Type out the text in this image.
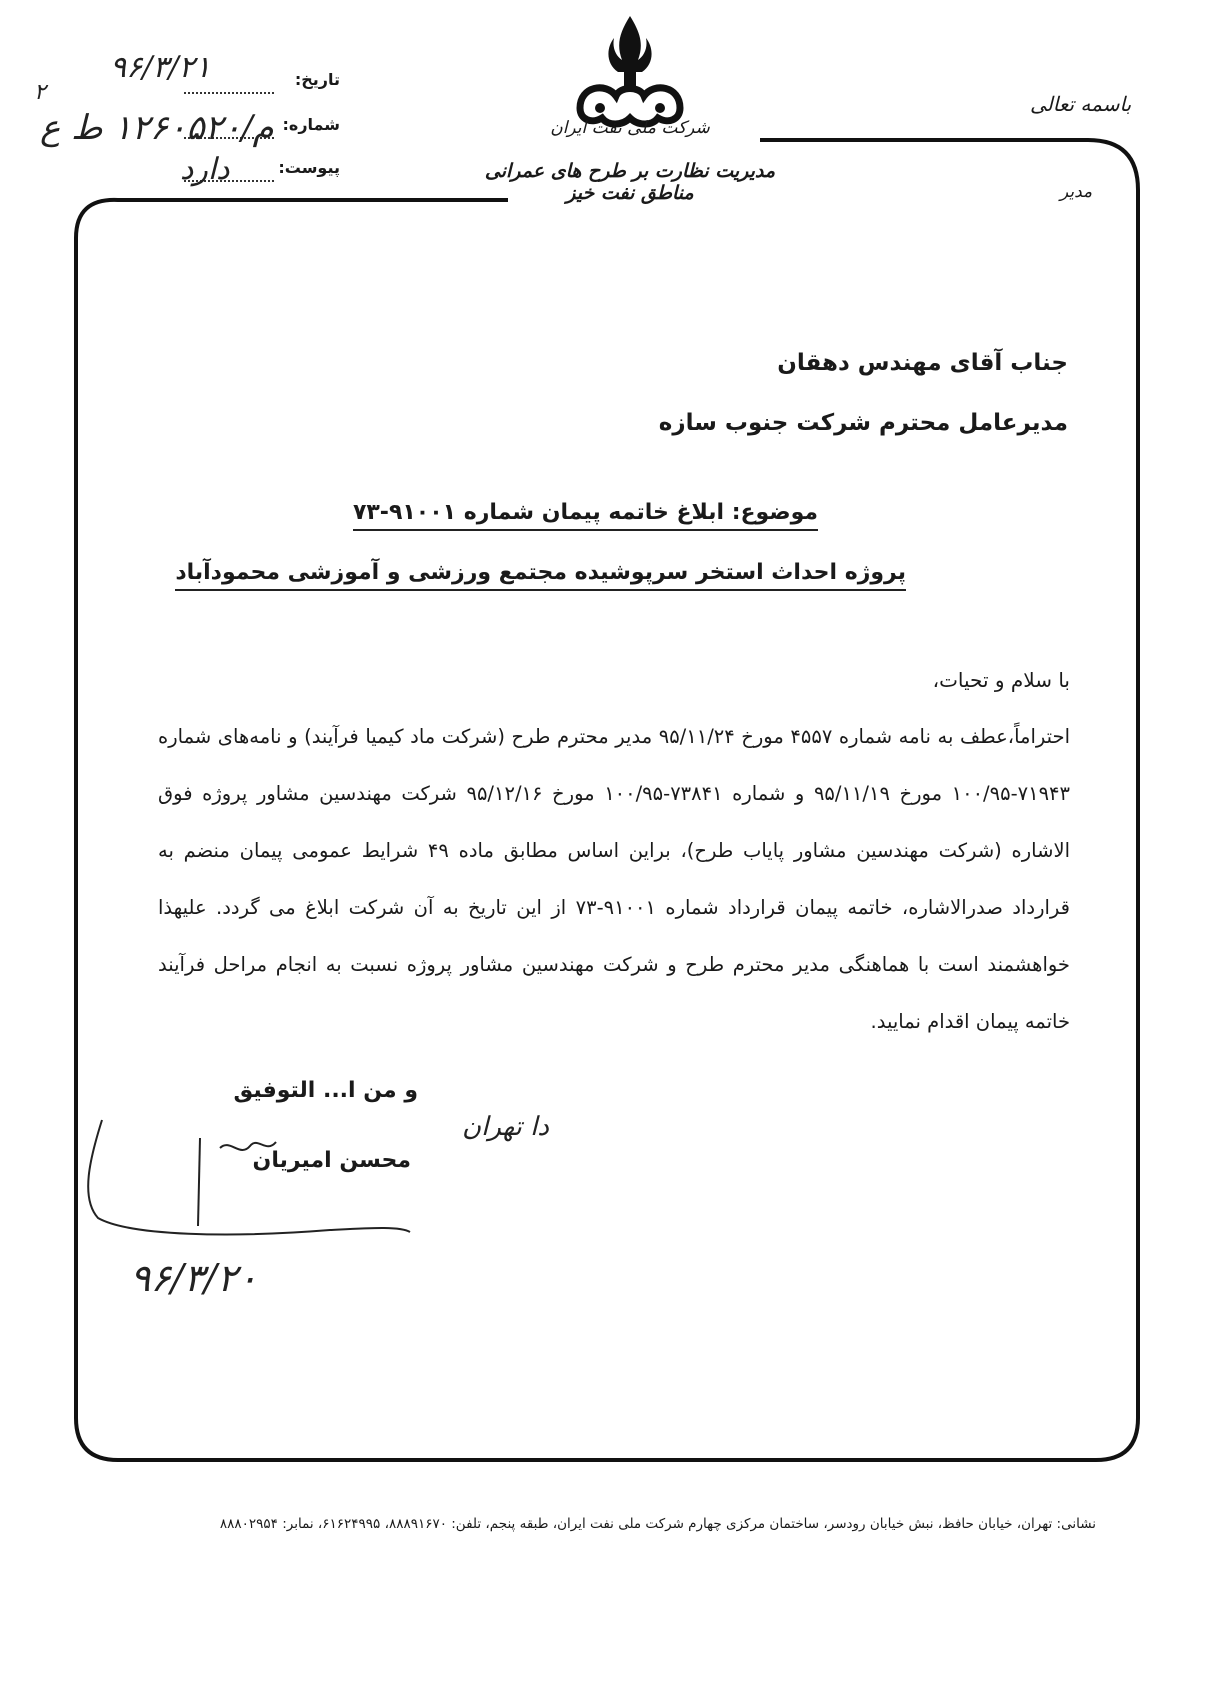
باسمه تعالی
مدیر
شرکت ملی نفت ایران
مدیریت نظارت بر طرح های عمرانی مناطق نفت خیز
تاریخ:
شماره:
پیوست:
۹۶/۳/۲۱
م/۱۲۶۰۵۲۰ ط ع
دارد
۲
جناب آقای مهندس دهقان
مدیرعامل محترم شرکت جنوب سازه
موضوع: ابلاغ خاتمه پیمان شماره ۹۱۰۰۱-۷۳
پروژه احداث استخر سرپوشیده مجتمع ورزشی و آموزشی محمودآباد
با سلام و تحیات،
احتراماً،عطف به نامه شماره ۴۵۵۷ مورخ ۹۵/۱۱/۲۴ مدیر محترم طرح (شرکت ماد کیمیا فرآیند) و نامه‌های شماره ۷۱۹۴۳-۱۰۰/۹۵ مورخ ۹۵/۱۱/۱۹ و شماره ۷۳۸۴۱-۱۰۰/۹۵ مورخ ۹۵/۱۲/۱۶ شرکت مهندسین مشاور پروژه فوق الاشاره (شرکت مهندسین مشاور پایاب طرح)، براین اساس مطابق ماده ۴۹ شرایط عمومی پیمان منضم به قرارداد صدرالاشاره، خاتمه پیمان قرارداد شماره ۹۱۰۰۱-۷۳ از این تاریخ به آن شرکت ابلاغ می گردد. علیهذا خواهشمند است با هماهنگی مدیر محترم طرح و شرکت مهندسین مشاور پروژه نسبت به انجام مراحل فرآیند خاتمه پیمان اقدام نمایید.
و من ا... التوفیق
محسن امیریان
دا تهران
۹۶/۳/۲۰
نشانی: تهران، خیابان حافظ، نبش خیابان رودسر، ساختمان مرکزی چهارم شرکت ملی نفت ایران، طبقه پنجم، تلفن: ۸۸۸۹۱۶۷۰، ۶۱۶۲۴۹۹۵، نمابر: ۸۸۸۰۲۹۵۴
